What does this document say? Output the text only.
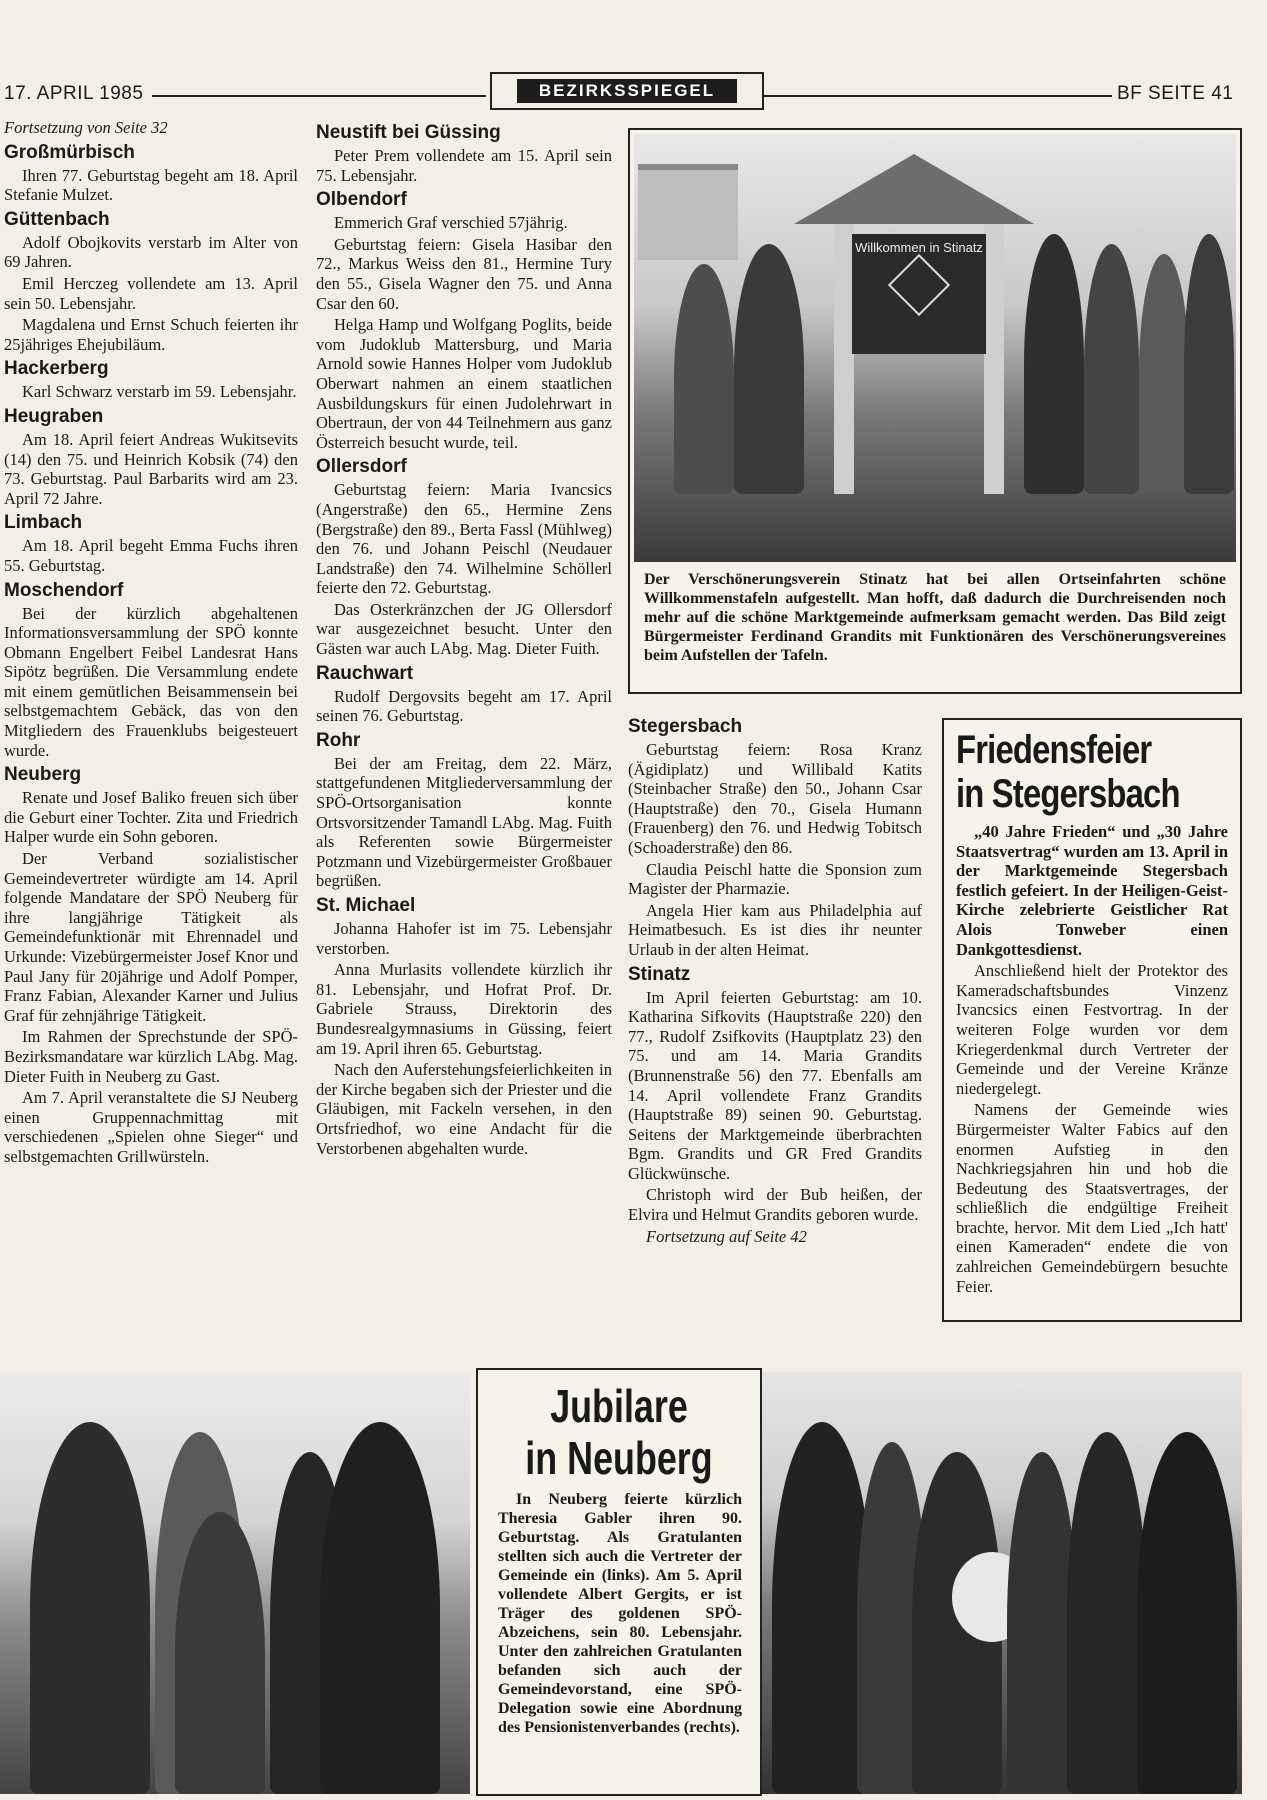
17. APRIL 1985	BEZIRKSSPIEGEL	BF SEITE 41

Fortsetzung von Seite 32

Großmürbisch

Ihren 77. Geburtstag begeht am 18. April Stefanie Mulzet.

Güttenbach

Adolf Obojkovits verstarb im Alter von 69 Jahren.

Emil Herczeg vollendete am 13. April sein 50. Lebensjahr.

Magdalena und Ernst Schuch feierten ihr 25jähriges Ehejubiläum.

Hackerberg

Karl Schwarz verstarb im 59. Lebensjahr.

Heugraben

Am 18. April feiert Andreas Wukitsevits (14) den 75. und Heinrich Kobsik (74) den 73. Geburtstag. Paul Barbarits wird am 23. April 72 Jahre.

Limbach

Am 18. April begeht Emma Fuchs ihren 55. Geburtstag.

Moschendorf

Bei der kürzlich abgehaltenen Informationsversammlung der SPÖ konnte Obmann Engelbert Feibel Landesrat Hans Sipötz begrüßen. Die Versammlung endete mit einem gemütlichen Beisammensein bei selbstgemachtem Gebäck, das von den Mitgliedern des Frauenklubs beigesteuert wurde.

Neuberg

Renate und Josef Baliko freuen sich über die Geburt einer Tochter. Zita und Friedrich Halper wurde ein Sohn geboren.

Der Verband sozialistischer Gemeindevertreter würdigte am 14. April folgende Mandatare der SPÖ Neuberg für ihre langjährige Tätigkeit als Gemeindefunktionär mit Ehrennadel und Urkunde: Vizebürgermeister Josef Knor und Paul Jany für 20jährige und Adolf Pomper, Franz Fabian, Alexander Karner und Julius Graf für zehnjährige Tätigkeit.

Im Rahmen der Sprechstunde der SPÖ-Bezirksmandatare war kürzlich LAbg. Mag. Dieter Fuith in Neuberg zu Gast.

Am 7. April veranstaltete die SJ Neuberg einen Gruppennachmittag mit verschiedenen „Spielen ohne Sieger“ und selbstgemachten Grillwürsteln.

Neustift bei Güssing

Peter Prem vollendete am 15. April sein 75. Lebensjahr.

Olbendorf

Emmerich Graf verschied 57jährig.

Geburtstag feiern: Gisela Hasibar den 72., Markus Weiss den 81., Hermine Tury den 55., Gisela Wagner den 75. und Anna Csar den 60.

Helga Hamp und Wolfgang Poglits, beide vom Judoklub Mattersburg, und Maria Arnold sowie Hannes Holper vom Judoklub Oberwart nahmen an einem staatlichen Ausbildungskurs für einen Judolehrwart in Obertraun, der von 44 Teilnehmern aus ganz Österreich besucht wurde, teil.

Ollersdorf

Geburtstag feiern: Maria Ivancsics (Angerstraße) den 65., Hermine Zens (Bergstraße) den 89., Berta Fassl (Mühlweg) den 76. und Johann Peischl (Neudauer Landstraße) den 74. Wilhelmine Schöllerl feierte den 72. Geburtstag.

Das Osterkränzchen der JG Ollersdorf war ausgezeichnet besucht. Unter den Gästen war auch LAbg. Mag. Dieter Fuith.

Rauchwart

Rudolf Dergovsits begeht am 17. April seinen 76. Geburtstag.

Rohr

Bei der am Freitag, dem 22. März, stattgefundenen Mitgliederversammlung der SPÖ-Ortsorganisation konnte Ortsvorsitzender Tamandl LAbg. Mag. Fuith als Referenten sowie Bürgermeister Potzmann und Vizebürgermeister Großbauer begrüßen.

St. Michael

Johanna Hahofer ist im 75. Lebensjahr verstorben.

Anna Murlasits vollendete kürzlich ihr 81. Lebensjahr, und Hofrat Prof. Dr. Gabriele Strauss, Direktorin des Bundesrealgymnasiums in Güssing, feiert am 19. April ihren 65. Geburtstag.

Nach den Auferstehungsfeierlichkeiten in der Kirche begaben sich der Priester und die Gläubigen, mit Fackeln versehen, in den Ortsfriedhof, wo eine Andacht für die Verstorbenen abgehalten wurde.

Willkommen in Stinatz
Der Verschönerungsverein Stinatz hat bei allen Ortseinfahrten schöne Willkommenstafeln aufgestellt. Man hofft, daß dadurch die Durchreisenden noch mehr auf die schöne Marktgemeinde aufmerksam gemacht werden. Das Bild zeigt Bürgermeister Ferdinand Grandits mit Funktionären des Verschönerungsvereines beim Aufstellen der Tafeln.
Stegersbach

Geburtstag feiern: Rosa Kranz (Ägidiplatz) und Willibald Katits (Steinbacher Straße) den 50., Johann Csar (Hauptstraße) den 70., Gisela Humann (Frauenberg) den 76. und Hedwig Tobitsch (Schoaderstraße) den 86.

Claudia Peischl hatte die Sponsion zum Magister der Pharmazie.

Angela Hier kam aus Philadelphia auf Heimatbesuch. Es ist dies ihr neunter Urlaub in der alten Heimat.

Stinatz

Im April feierten Geburtstag: am 10. Katharina Sifkovits (Hauptstraße 220) den 77., Rudolf Zsifkovits (Hauptplatz 23) den 75. und am 14. Maria Grandits (Brunnenstraße 56) den 77. Ebenfalls am 14. April vollendete Franz Grandits (Hauptstraße 89) seinen 90. Geburtstag. Seitens der Marktgemeinde überbrachten Bgm. Grandits und GR Fred Grandits Glückwünsche.

Christoph wird der Bub heißen, der Elvira und Helmut Grandits geboren wurde.

Fortsetzung auf Seite 42

Friedensfeier
in Stegersbach

„40 Jahre Frieden“ und „30 Jahre Staatsvertrag“ wurden am 13. April in der Marktgemeinde Stegersbach festlich gefeiert. In der Heiligen-Geist-Kirche zelebrierte Geistlicher Rat Alois Tonweber einen Dankgottesdienst.

Anschließend hielt der Protektor des Kameradschaftsbundes Vinzenz Ivancsics einen Festvortrag. In der weiteren Folge wurden vor dem Kriegerdenkmal durch Vertreter der Gemeinde und der Vereine Kränze niedergelegt.

Namens der Gemeinde wies Bürgermeister Walter Fabics auf den enormen Aufstieg in den Nachkriegsjahren hin und hob die Bedeutung des Staatsvertrages, der schließlich die endgültige Freiheit brachte, hervor. Mit dem Lied „Ich hatt' einen Kameraden“ endete die von zahlreichen Gemeindebürgern besuchte Feier.

Jubilare
in Neuberg

In Neuberg feierte kürzlich Theresia Gabler ihren 90. Geburtstag. Als Gratulanten stellten sich auch die Vertreter der Gemeinde ein (links). Am 5. April vollendete Albert Gergits, er ist Träger des goldenen SPÖ-Abzeichens, sein 80. Lebensjahr. Unter den zahlreichen Gratulanten befanden sich auch der Gemeindevorstand, eine SPÖ-Delegation sowie eine Abordnung des Pensionistenverbandes (rechts).
